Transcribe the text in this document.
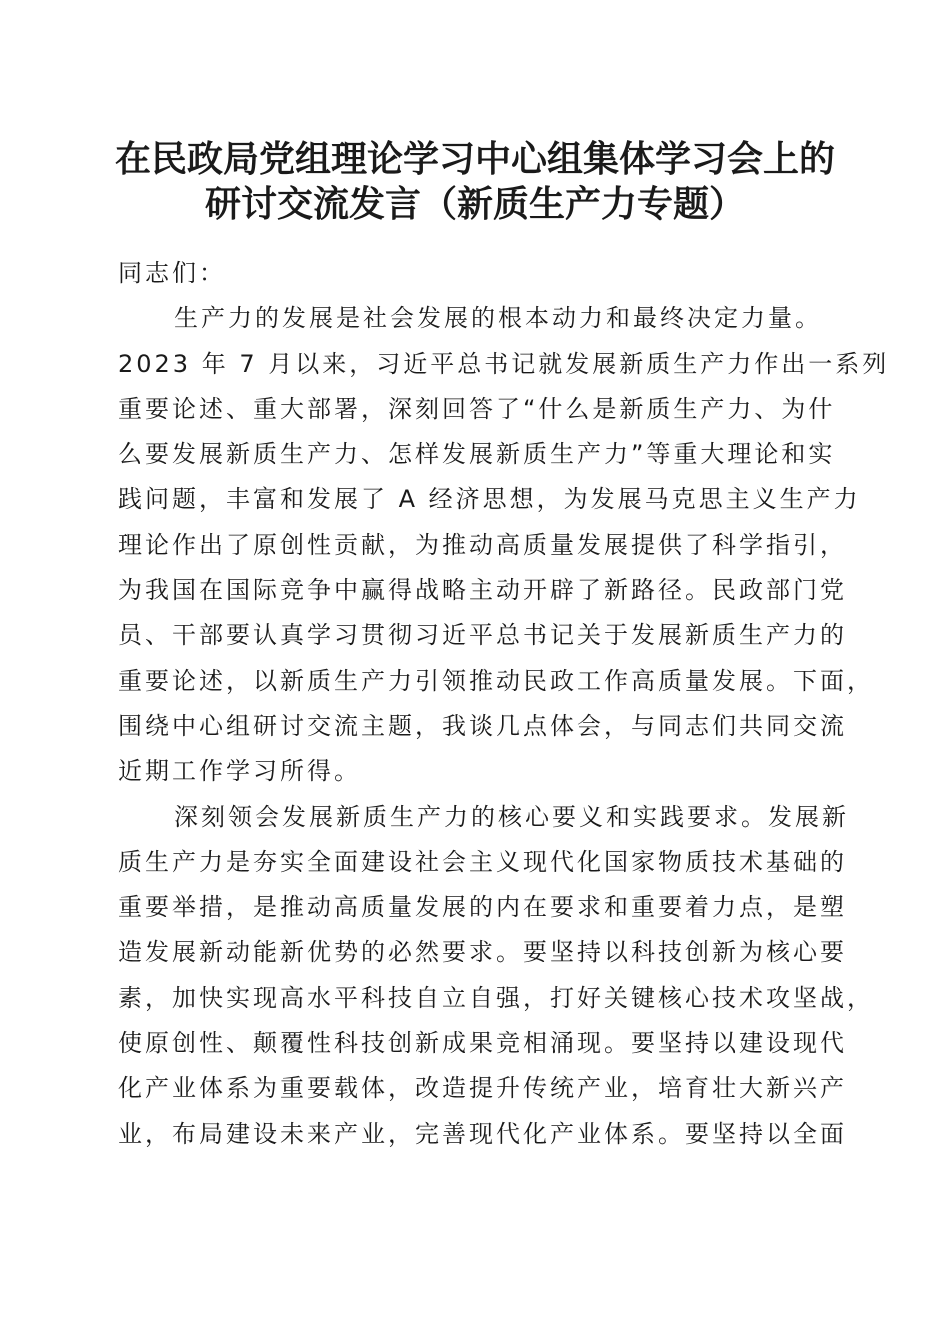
在民政局党组理论学习中心组集体学习会上的
研讨交流发言（新质生产力专题）
同志们：
生产力的发展是社会发展的根本动力和最终决定力量。
2023 年 7 月以来，习近平总书记就发展新质生产力作出一系列
重要论述、重大部署，深刻回答了“什么是新质生产力、为什
么要发展新质生产力、怎样发展新质生产力”等重大理论和实
践问题，丰富和发展了 A 经济思想，为发展马克思主义生产力
理论作出了原创性贡献，为推动高质量发展提供了科学指引，
为我国在国际竞争中赢得战略主动开辟了新路径。民政部门党
员、干部要认真学习贯彻习近平总书记关于发展新质生产力的
重要论述，以新质生产力引领推动民政工作高质量发展。下面，
围绕中心组研讨交流主题，我谈几点体会，与同志们共同交流
近期工作学习所得。
深刻领会发展新质生产力的核心要义和实践要求。发展新
质生产力是夯实全面建设社会主义现代化国家物质技术基础的
重要举措，是推动高质量发展的内在要求和重要着力点，是塑
造发展新动能新优势的必然要求。要坚持以科技创新为核心要
素，加快实现高水平科技自立自强，打好关键核心技术攻坚战，
使原创性、颠覆性科技创新成果竞相涌现。要坚持以建设现代
化产业体系为重要载体，改造提升传统产业，培育壮大新兴产
业，布局建设未来产业，完善现代化产业体系。要坚持以全面
